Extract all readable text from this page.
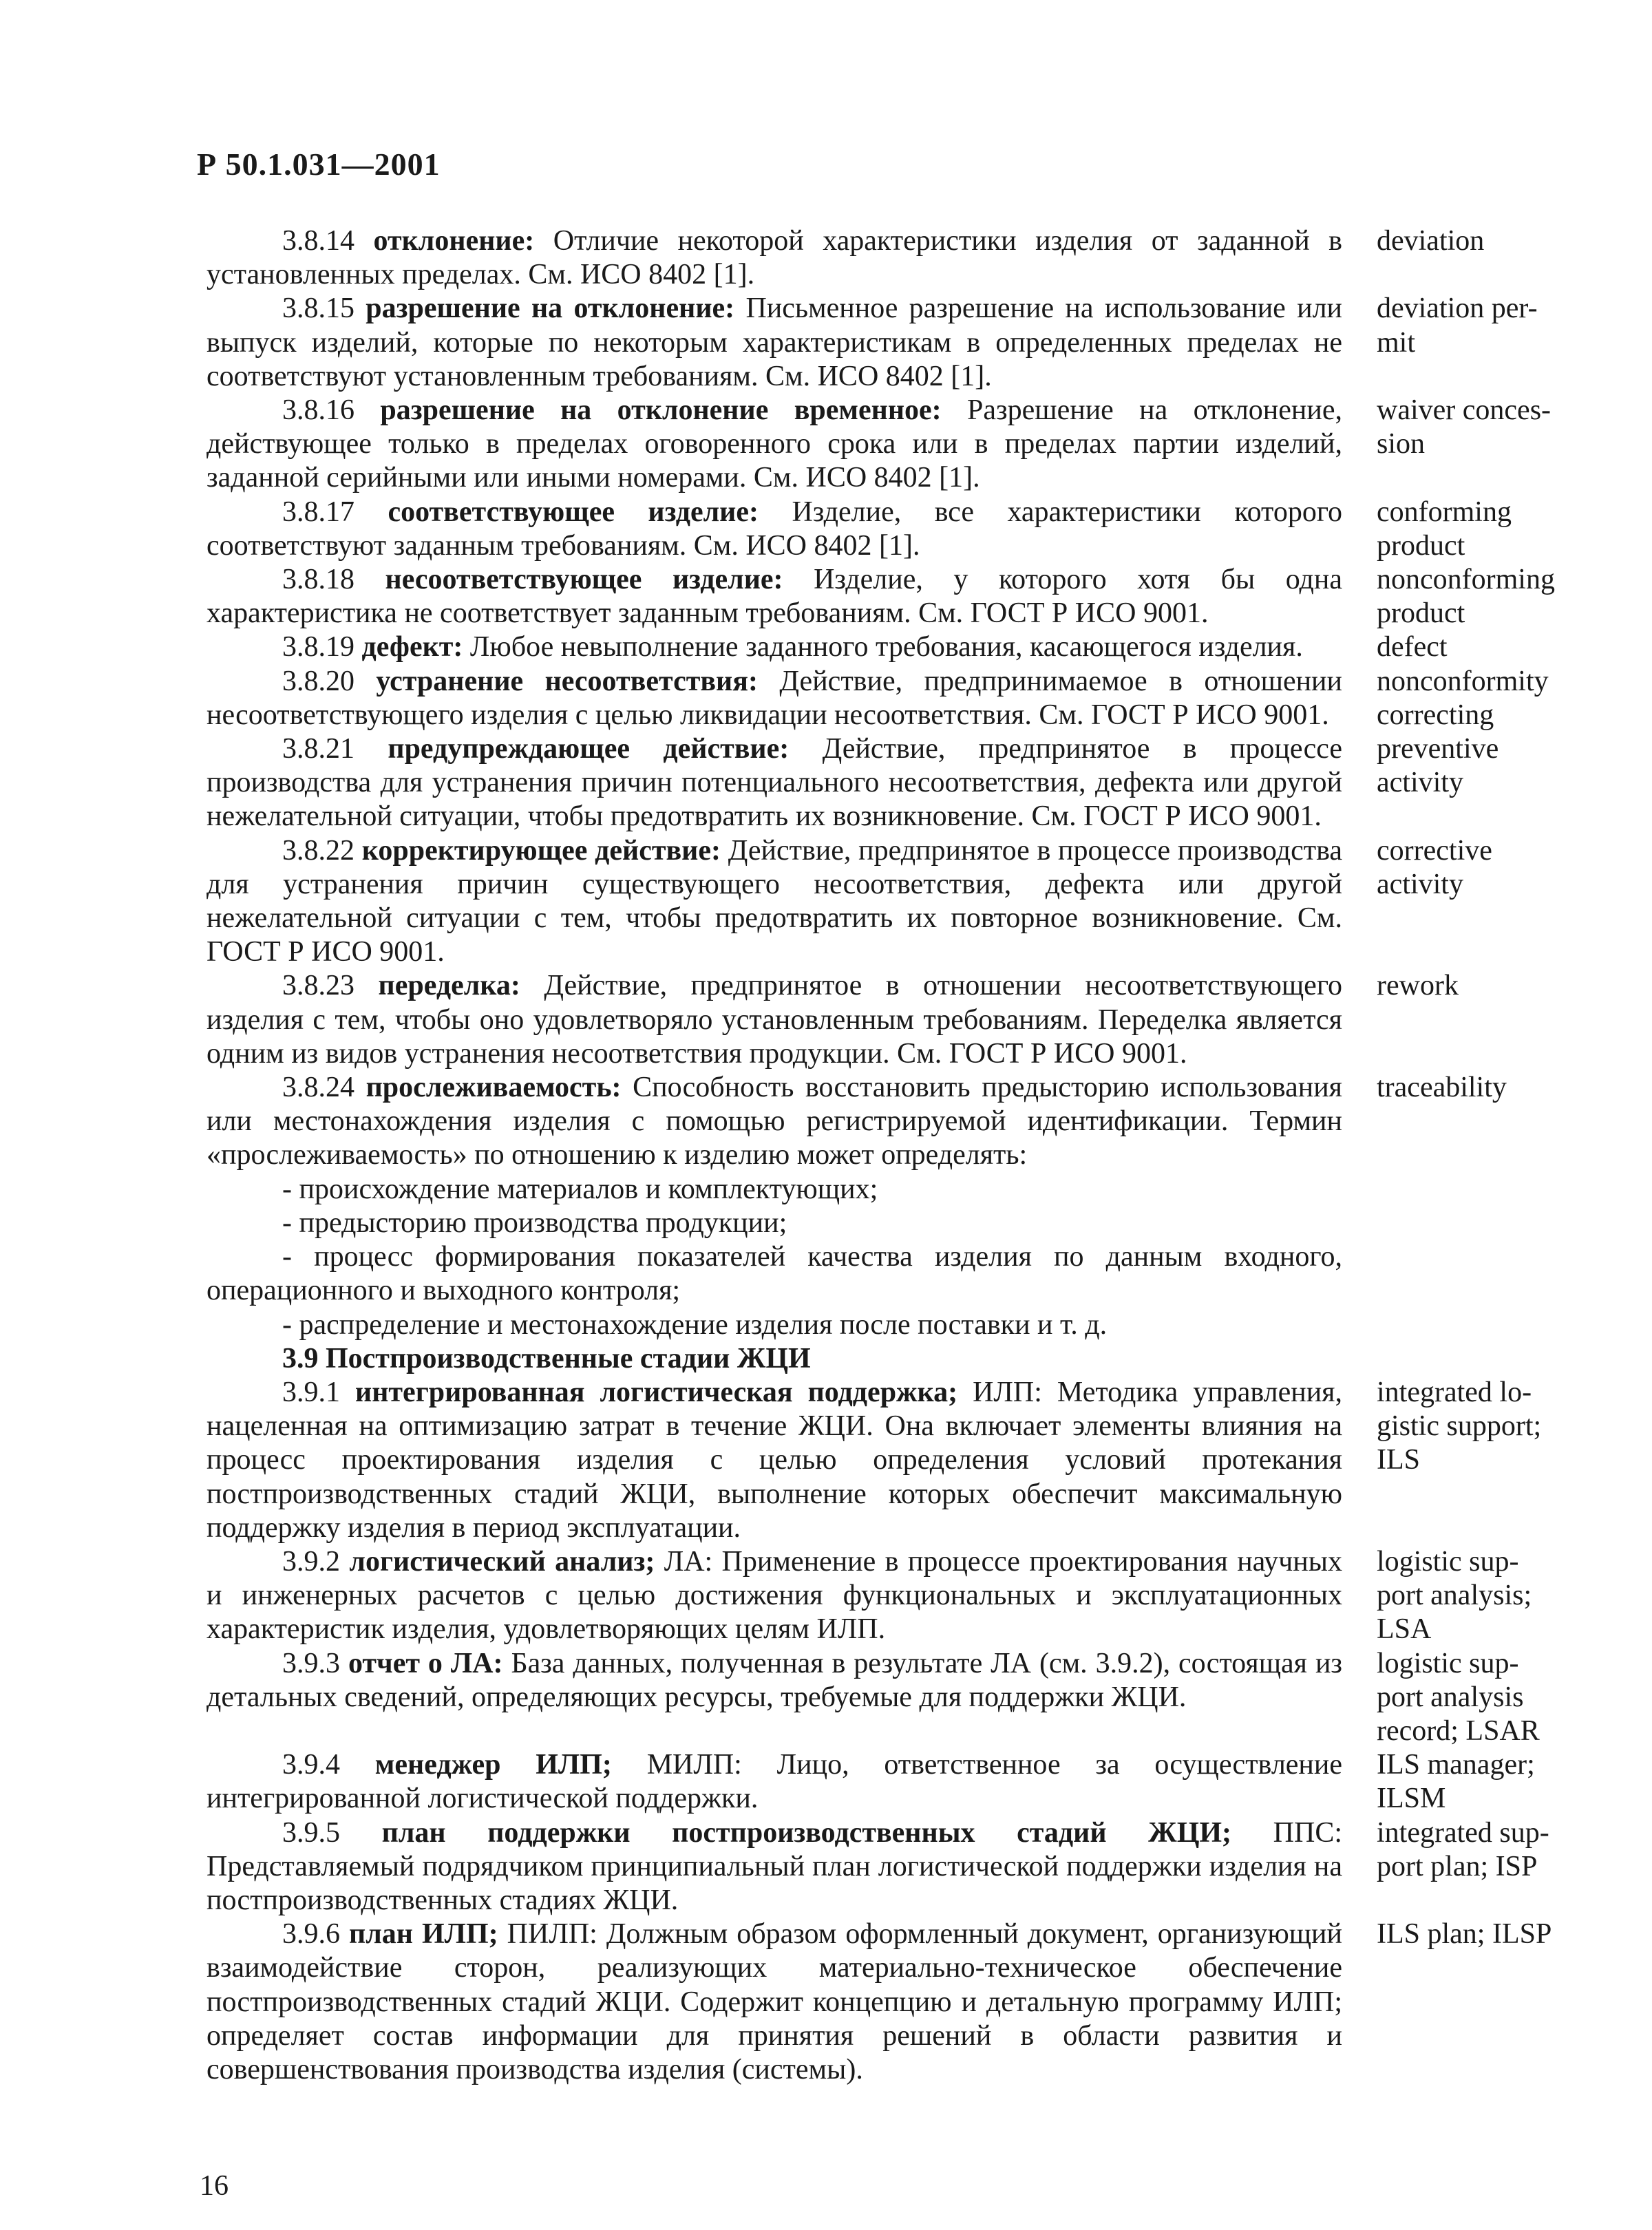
Р 50.1.031—2001
3.8.14 отклонение: Отличие некоторой характеристики изделия от заданной в установленных пределах. См. ИСО 8402 [1].
deviation
3.8.15 разрешение на отклонение: Письменное разрешение на использование или выпуск изделий, которые по некоторым характеристикам в определенных пределах не соответствуют установленным требованиям. См. ИСО 8402 [1].
deviation per-
mit
3.8.16 разрешение на отклонение временное: Разрешение на отклонение, действующее только в пределах оговоренного срока или в пределах партии изделий, заданной серийными или иными номерами. См. ИСО 8402 [1].
waiver conces-
sion
3.8.17 соответствующее изделие: Изделие, все характеристики которого соответствуют заданным требованиям. См. ИСО 8402 [1].
conforming
product
3.8.18 несоответствующее изделие: Изделие, у которого хотя бы одна характеристика не соответствует заданным требованиям. См. ГОСТ Р ИСО 9001.
nonconforming
product
3.8.19 дефект: Любое невыполнение заданного требования, касающегося изделия.	defect
3.8.20 устранение несоответствия: Действие, предпринимаемое в отношении несоответствующего изделия с целью ликвидации несоответствия. См. ГОСТ Р ИСО 9001.
nonconformity
correcting
3.8.21 предупреждающее действие: Действие, предпринятое в процессе производства для устранения причин потенциального несоответствия, дефекта или другой нежелательной ситуации, чтобы предотвратить их возникновение. См. ГОСТ Р ИСО 9001.
preventive
activity
3.8.22 корректирующее действие: Действие, предпринятое в процессе производства для устранения причин существующего несоответствия, дефекта или другой нежелательной ситуации с тем, чтобы предотвратить их повторное возникновение. См. ГОСТ Р ИСО 9001.
corrective
activity
3.8.23 переделка: Действие, предпринятое в отношении несоответствующего изделия с тем, чтобы оно удовлетворяло установленным требованиям. Переделка является одним из видов устранения несоответствия продукции. См. ГОСТ Р ИСО 9001.
rework
3.8.24 прослеживаемость: Способность восстановить предысторию использования или местонахождения изделия с помощью регистрируемой идентификации. Термин «прослеживаемость» по отношению к изделию может определять:
traceability
- происхождение материалов и комплектующих;
- предысторию производства продукции;
- процесс формирования показателей качества изделия по данным входного, операционного и выходного контроля;
- распределение и местонахождение изделия после поставки и т. д.
3.9 Постпроизводственные стадии ЖЦИ
3.9.1 интегрированная логистическая поддержка; ИЛП: Методика управления, нацеленная на оптимизацию затрат в течение ЖЦИ. Она включает элементы влияния на процесс проектирования изделия с целью определения условий протекания постпроизводственных стадий ЖЦИ, выполнение которых обеспечит максимальную поддержку изделия в период эксплуатации.
integrated lo-
gistic support;
ILS
3.9.2 логистический анализ; ЛА: Применение в процессе проектирования научных и инженерных расчетов с целью достижения функциональных и эксплуатационных характеристик изделия, удовлетворяющих целям ИЛП.
logistic sup-
port analysis;
LSA
3.9.3 отчет о ЛА: База данных, полученная в результате ЛА (см. 3.9.2), состоящая из детальных сведений, определяющих ресурсы, требуемые для поддержки ЖЦИ.
logistic sup-
port analysis
record; LSAR
3.9.4 менеджер ИЛП; МИЛП: Лицо, ответственное за осуществление интегрированной логистической поддержки.
ILS manager;
ILSM
3.9.5 план поддержки постпроизводственных стадий ЖЦИ; ППС: Представляемый подрядчиком принципиальный план логистической поддержки изделия на постпроизводственных стадиях ЖЦИ.
integrated sup-
port plan; ISP
3.9.6 план ИЛП; ПИЛП: Должным образом оформленный документ, организующий взаимодействие сторон, реализующих материально-техническое обеспечение постпроизводственных стадий ЖЦИ. Содержит концепцию и детальную программу ИЛП; определяет состав информации для принятия решений в области развития и совершенствования производства изделия (системы).
ILS plan; ILSP
16
